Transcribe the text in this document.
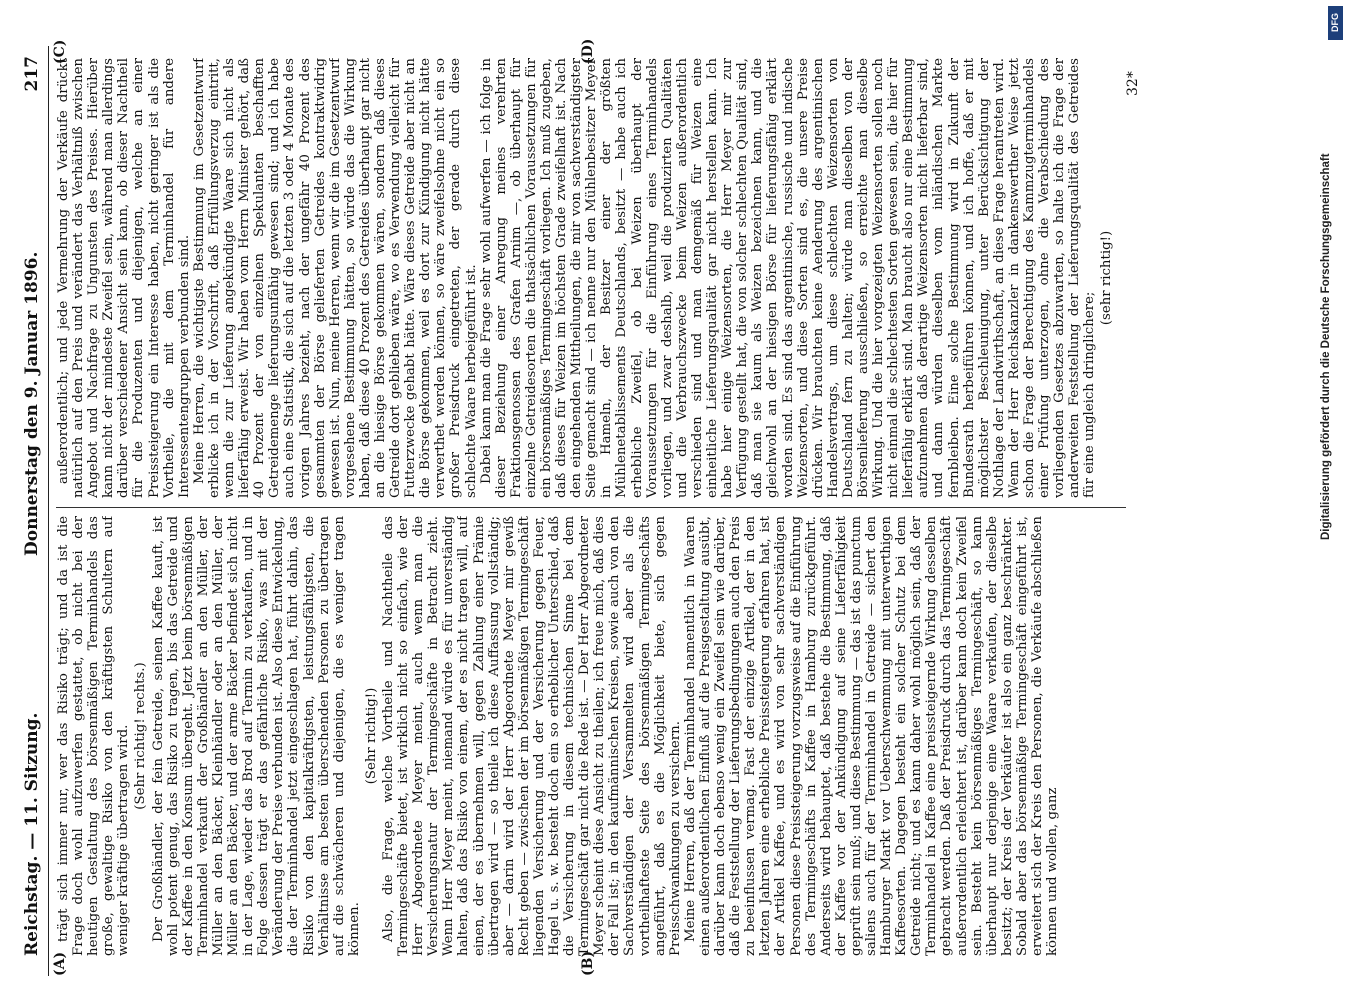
Reichstag. — 11. Sitzung.
Donnerstag den 9. Januar 1896.
217
(A)	(B)
(C)	(D)

trägt sich immer nur, wer das Risiko trägt; und da ist die Frage doch wohl aufzuwerfen gestattet, ob nicht bei der heutigen Gestaltung des börsenmäßigen Terminhandels das große, gewaltige Risiko von den kräftigsten Schultern auf weniger kräftige übertragen wird. (Sehr richtig! rechts.) Der Großhändler, der fein Getreide, seinen Kaffee kauft, ist wohl potent genug, das Risiko zu tragen, bis das Getreide und der Kaffee in den Konsum übergeht. Jetzt beim börsenmäßigen Terminhandel verkauft der Großhändler an den Müller, der Müller an den Bäcker, Kleinhändler oder an den Müller, der Müller an den Bäcker, und der arme Bäcker befindet sich nicht in der Lage, wieder das Brod auf Termin zu verkaufen, und in Folge dessen trägt er das gefährliche Risiko, was mit der Veränderung der Preise verbunden ist. Also diese Entwickelung, die der Terminhandel jetzt eingeschlagen hat, führt dahin, das Risiko von den kapitalkräftigsten, leistungsfähigsten, die Verhältnisse am besten überschenden Personen zu übertragen auf die schwächeren und diejenigen, die es weniger tragen können.

(Sehr richtig!) Also, die Frage, welche Vortheile und Nachtheile das Termingeschäfte bietet, ist wirklich nicht so einfach, wie der Herr Abgeordnete Meyer meint, auch wenn man die Versicherungsnatur der Termingeschäfte in Betracht zieht. Wenn Herr Meyer meint, niemand würde es für unverständig halten, daß das Risiko von einem, der es nicht tragen will, auf einen, der es übernehmen will, gegen Zahlung einer Prämie übertragen wird — so theile ich diese Auffassung vollständig; aber — darin wird der Herr Abgeordnete Meyer mir gewiß Recht geben — zwischen der im börsenmäßigen Termingeschäft liegenden Versicherung und der Versicherung gegen Feuer, Hagel u. s. w. besteht doch ein so erheblicher Unterschied, daß die Versicherung in diesem technischen Sinne bei dem Termingeschäft gar nicht die Rede ist. — Der Herr Abgeordneter Meyer scheint diese Ansicht zu theilen; ich freue mich, daß dies der Fall ist; in den kaufmännischen Kreisen, sowie auch von den Sachverständigen der Versammelten wird aber als die vortheilhafteste Seite des börsenmäßigen Termingeschäfts angeführt, daß es die Möglichkeit biete, sich gegen Preisschwankungen zu versichern. Meine Herren, daß der Terminhandel namentlich in Waaren einen außerordentlichen Einfluß auf die Preisgestaltung ausübt, darüber kann doch ebenso wenig ein Zweifel sein wie darüber, daß die Feststellung der Lieferungsbedingungen auch den Preis zu beeinflussen vermag. Fast der einzige Artikel, der in den letzten Jahren eine erhebliche Preissteigerung erfahren hat, ist der Artikel Kaffee, und es wird von sehr sachverständigen Personen diese Preissteigerung vorzugsweise auf die Einführung des Termingeschäfts in Kaffee in Hamburg zurückgeführt. Anderseits wird behauptet, daß bestehe die Bestimmung, daß der Kaffee vor der Ankündigung auf seine Lieferfähigkeit geprüft sein muß; und diese Bestimmung — das ist das punctum saliens auch für der Terminhandel in Getreide — sichert den Hamburger Markt vor Ueberschwemmung mit unterwerthigen Kaffeesorten. Dagegen besteht ein solcher Schutz bei dem Getreide nicht; und es kann daher wohl möglich sein, daß der Terminhandel in Kaffee eine preissteigernde Wirkung desselben gebracht werden. Daß der Preisdruck durch das Termingeschäft außerordentlich erleichtert ist, darüber kann doch kein Zweifel sein. Besteht kein börsenmäßiges Termingeschäft, so kann überhaupt nur derjenige eine Waare verkaufen, der dieselbe besitzt; der Kreis der Verkäufer ist also ein ganz beschränkter. Sobald aber das börsenmäßige Termingeschäft eingeführt ist, erweitert sich der Kreis den Personen, die Verkäufe abschließen können und wollen, ganz

außerordentlich; und jede Vermehrung der Verkäufe drückt natürlich auf den Preis und verändert das Verhältniß zwischen Angebot und Nachfrage zu Ungunsten des Preises. Hierüber kann nicht der mindeste Zweifel sein, während man allerdings darüber verschiedener Ansicht sein kann, ob dieser Nachtheil für die Produzenten und diejenigen, welche an einer Preissteigerung ein Interesse haben, nicht geringer ist als die Vortheile, die mit dem Terminhandel für andere Interessentengruppen verbunden sind. Meine Herren, die wichtigste Bestimmung im Gesetzentwurf erblicke ich in der Vorschrift, daß Erfüllungsverzug eintritt, wenn die zur Lieferung angekündigte Waare sich nicht als lieferfähig erweist. Wir haben vom Herrn Minister gehört, daß 40 Prozent der von einzelnen Spekulanten beschafften Getreidemenge lieferungsunfähig gewesen sind; und ich habe auch eine Statistik, die sich auf die letzten 3 oder 4 Monate des vorigen Jahres bezieht, nach der ungefähr 40 Prozent des gesammten der Börse gelieferten Getreides kontraktwidrig gewesen ist. Nun, meine Herren, wenn wir die im Gesetzentwurf vorgesehene Bestimmung hätten, so würde das die Wirkung haben, daß diese 40 Prozent des Getreides überhaupt gar nicht an die hiesige Börse gekommen wären, sondern daß dieses Getreide dort geblieben wäre, wo es Verwendung vielleicht für Futterzwecke gehabt hätte. Wäre dieses Getreide aber nicht an die Börse gekommen, weil es dort zur Kündigung nicht hätte verwerthet werden können, so wäre zweifelsohne nicht ein so großer Preisdruck eingetreten, der gerade durch diese schlechte Waare herbeigeführt ist. Dabei kann man die Frage sehr wohl aufwerfen — ich folge in dieser Beziehung einer Anregung meines verehrten Fraktionsgenossen des Grafen Arnim —, ob überhaupt für einzelne Getreidesorten die thatsächlichen Voraussetzungen für ein börsenmäßiges Termingeschäft vorliegen. Ich muß zugeben, daß dieses für Weizen im höchsten Grade zweifelhaft ist. Nach den eingehenden Mittheilungen, die mir von sachverständigster Seite gemacht sind — ich nenne nur den Mühlenbesitzer Meyer in Hameln, der Besitzer einer der größten Mühlenetablissements Deutschlands, besitzt — habe auch ich erhebliche Zweifel, ob bei Weizen überhaupt der Voraussetzungen für die Einführung eines Terminhandels vorliegen, und zwar deshalb, weil die produzirten Qualitäten und die Verbrauchszwecke beim Weizen außerordentlich verschieden sind und man demgemäß für Weizen eine einheitliche Lieferungsqualität gar nicht herstellen kann. Ich habe hier einige Weizensorten, die Herr Meyer mir zur Verfügung gestellt hat, die von solcher schlechten Qualität sind, daß man sie kaum als Weizen bezeichnen kann, und die gleichwohl an der hiesigen Börse für lieferungsfähig erklärt worden sind. Es sind das argentinische, russische und indische Weizensorten, und diese Sorten sind es, die unsere Preise drücken. Wir brauchten keine Aenderung des argentinischen Handelsvertrags, um diese schlechten Weizensorten von Deutschland fern zu halten; würde man dieselben von der Börsenlieferung ausschließen, so erreichte man dieselbe Wirkung. Und die hier vorgezeigten Weizensorten sollen noch nicht einmal die schlechtesten Sorten gewesen sein, die hier für lieferfähig erklärt sind. Man braucht also nur eine Bestimmung aufzunehmen daß derartige Weizensorten nicht lieferbar sind, und dann würden dieselben vom inländischen Markte fernbleiben. Eine solche Bestimmung wird in Zukunft der Bundesrath herbeiführen können, und ich hoffe, daß er mit möglichster Beschleunigung, unter Berücksichtigung der Nothlage der Landwirthschaft, an diese Frage herantreten wird. Wenn der Herr Reichskanzler in dankenswerther Weise jetzt schon die Frage der Berechtigung des Kammzugterminhandels einer Prüfung unterzogen, ohne die Verabschiedung des vorliegenden Gesetzes abzuwarten, so halte ich die Frage der anderweiten Feststellung der Lieferungsqualität des Getreides für eine ungleich dringlichere;

(sehr richtig!)

32*
Digitalisierung gefördert durch die Deutsche Forschungsgemeinschaft
DFG
